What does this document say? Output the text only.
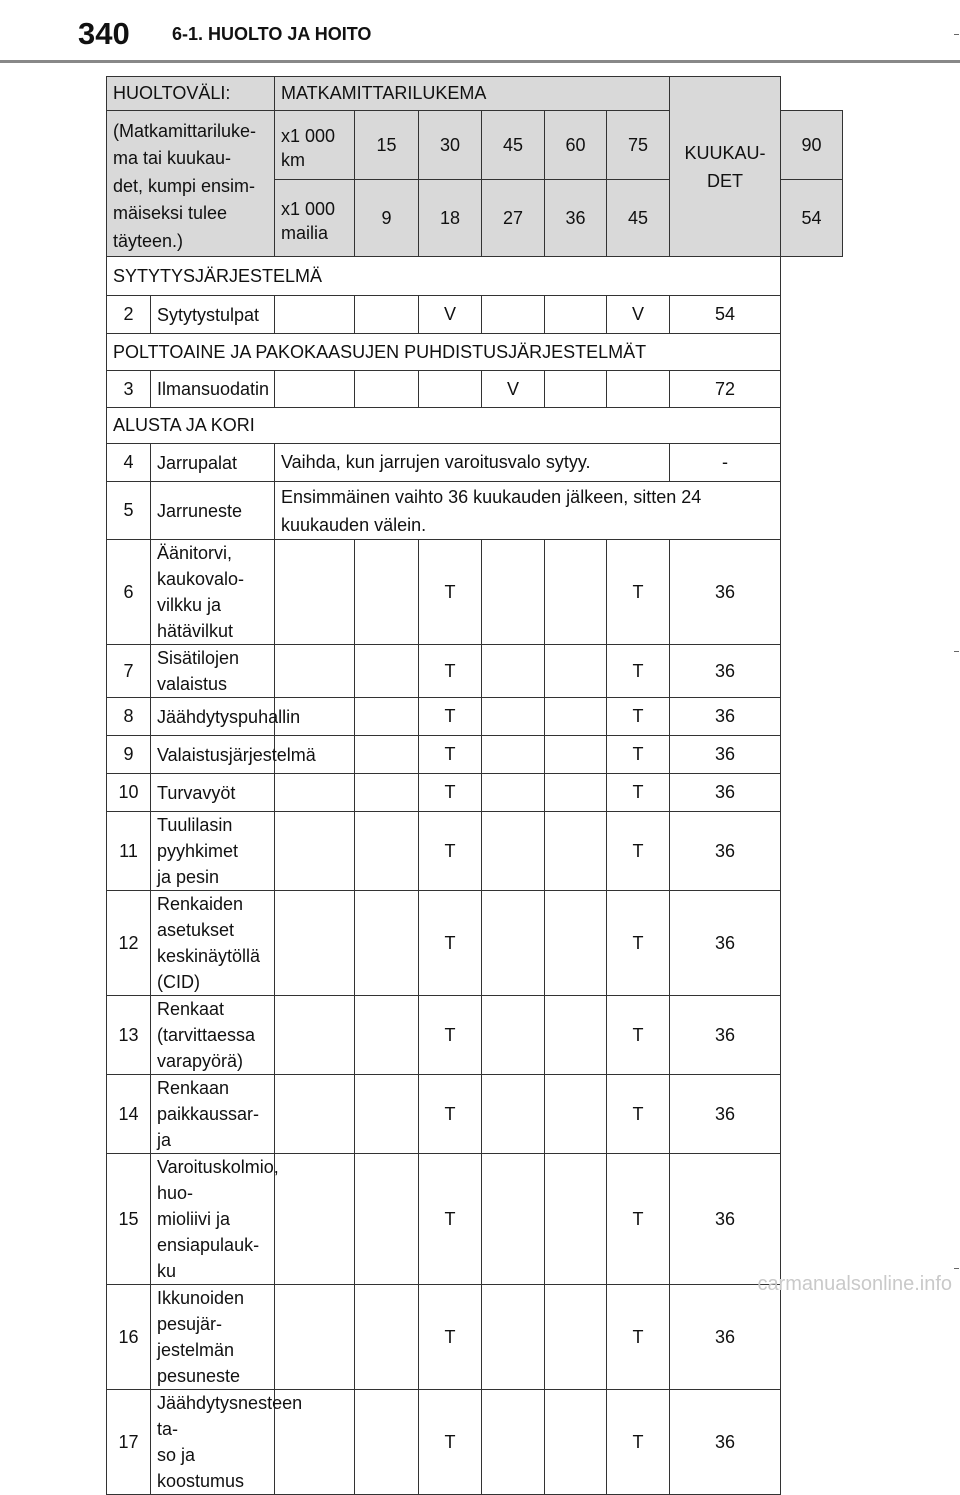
340 6-1. HUOLTO JA HOITO
HUOLTOVÄLI:		MATKAMITTARILUKEMA						KUUKAU-
DET	
(Matkamittariluke-
ma tai kuukau-
det, kumpi ensim-
mäiseksi tulee
täyteen.)		x1 000
km	15	30	45	60	75		90
		x1 000
mailia	9	18	27	36	45		54
SYTYTYSJÄRJESTELMÄ									
2	Sytytystulpat			V			V	54	
POLTTOAINE JA PAKOKAASUJEN PUHDISTUSJÄRJESTELMÄT									
3	Ilmansuodatin				V			72	
ALUSTA JA KORI									
4	Jarrupalat	Vaihda, kun jarrujen varoitusvalo sytyy.						-	
5	Jarruneste	Ensimmäinen vaihto 36 kuukauden jälkeen, sitten 24
kuukauden välein.							
6	Äänitorvi, kaukovalo-
vilkku ja hätävilkut			T			T	36	
7	Sisätilojen valaistus			T			T	36	
8	Jäähdytyspuhallin			T			T	36	
9	Valaistusjärjestelmä			T			T	36	
10	Turvavyöt			T			T	36	
11	Tuulilasin pyyhkimet
ja pesin			T			T	36	
12	Renkaiden asetukset
keskinäytöllä (CID)			T			T	36	
13	Renkaat (tarvittaessa
varapyörä)			T			T	36	
14	Renkaan paikkaussar-
ja			T			T	36	
15	Varoituskolmio, huo-
mioliivi ja ensiapulauk-
ku			T			T	36	
16	Ikkunoiden pesujär-
jestelmän pesuneste			T			T	36	
17	Jäähdytysnesteen ta-
so ja koostumus			T			T	36	
carmanualsonline.info
